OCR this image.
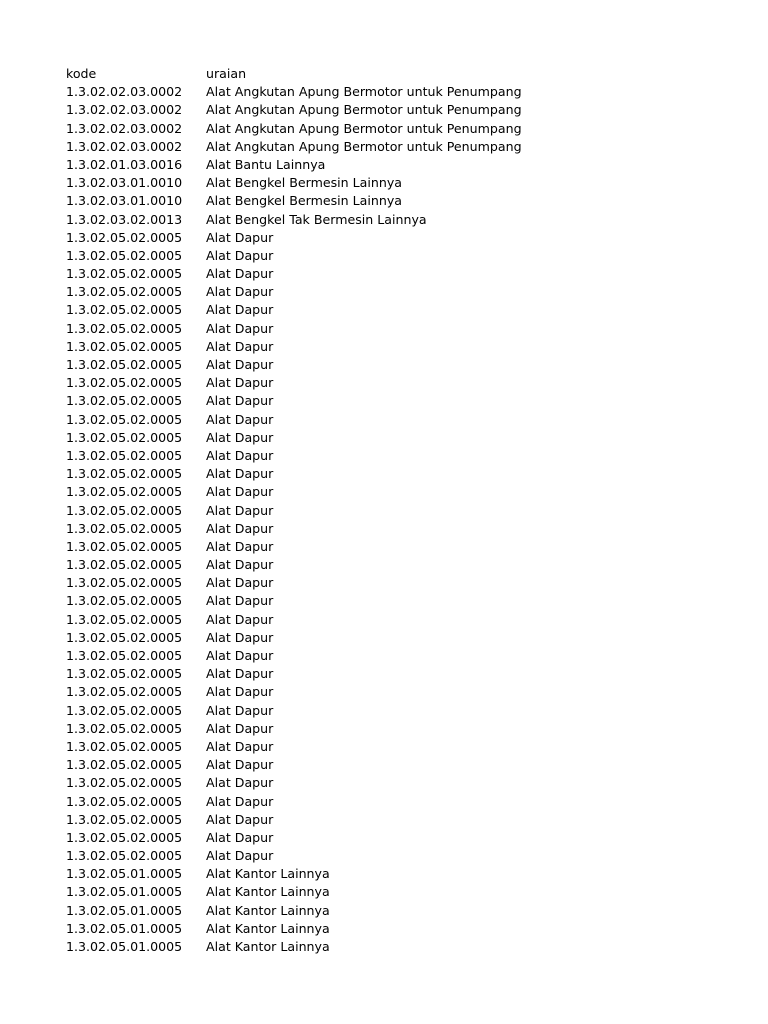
kode	uraian
1.3.02.02.03.0002	Alat Angkutan Apung Bermotor untuk Penumpang
1.3.02.02.03.0002	Alat Angkutan Apung Bermotor untuk Penumpang
1.3.02.02.03.0002	Alat Angkutan Apung Bermotor untuk Penumpang
1.3.02.02.03.0002	Alat Angkutan Apung Bermotor untuk Penumpang
1.3.02.01.03.0016	Alat Bantu Lainnya
1.3.02.03.01.0010	Alat Bengkel Bermesin Lainnya
1.3.02.03.01.0010	Alat Bengkel Bermesin Lainnya
1.3.02.03.02.0013	Alat Bengkel Tak Bermesin Lainnya
1.3.02.05.02.0005	Alat Dapur
1.3.02.05.02.0005	Alat Dapur
1.3.02.05.02.0005	Alat Dapur
1.3.02.05.02.0005	Alat Dapur
1.3.02.05.02.0005	Alat Dapur
1.3.02.05.02.0005	Alat Dapur
1.3.02.05.02.0005	Alat Dapur
1.3.02.05.02.0005	Alat Dapur
1.3.02.05.02.0005	Alat Dapur
1.3.02.05.02.0005	Alat Dapur
1.3.02.05.02.0005	Alat Dapur
1.3.02.05.02.0005	Alat Dapur
1.3.02.05.02.0005	Alat Dapur
1.3.02.05.02.0005	Alat Dapur
1.3.02.05.02.0005	Alat Dapur
1.3.02.05.02.0005	Alat Dapur
1.3.02.05.02.0005	Alat Dapur
1.3.02.05.02.0005	Alat Dapur
1.3.02.05.02.0005	Alat Dapur
1.3.02.05.02.0005	Alat Dapur
1.3.02.05.02.0005	Alat Dapur
1.3.02.05.02.0005	Alat Dapur
1.3.02.05.02.0005	Alat Dapur
1.3.02.05.02.0005	Alat Dapur
1.3.02.05.02.0005	Alat Dapur
1.3.02.05.02.0005	Alat Dapur
1.3.02.05.02.0005	Alat Dapur
1.3.02.05.02.0005	Alat Dapur
1.3.02.05.02.0005	Alat Dapur
1.3.02.05.02.0005	Alat Dapur
1.3.02.05.02.0005	Alat Dapur
1.3.02.05.02.0005	Alat Dapur
1.3.02.05.02.0005	Alat Dapur
1.3.02.05.02.0005	Alat Dapur
1.3.02.05.02.0005	Alat Dapur
1.3.02.05.01.0005	Alat Kantor Lainnya
1.3.02.05.01.0005	Alat Kantor Lainnya
1.3.02.05.01.0005	Alat Kantor Lainnya
1.3.02.05.01.0005	Alat Kantor Lainnya
1.3.02.05.01.0005	Alat Kantor Lainnya
